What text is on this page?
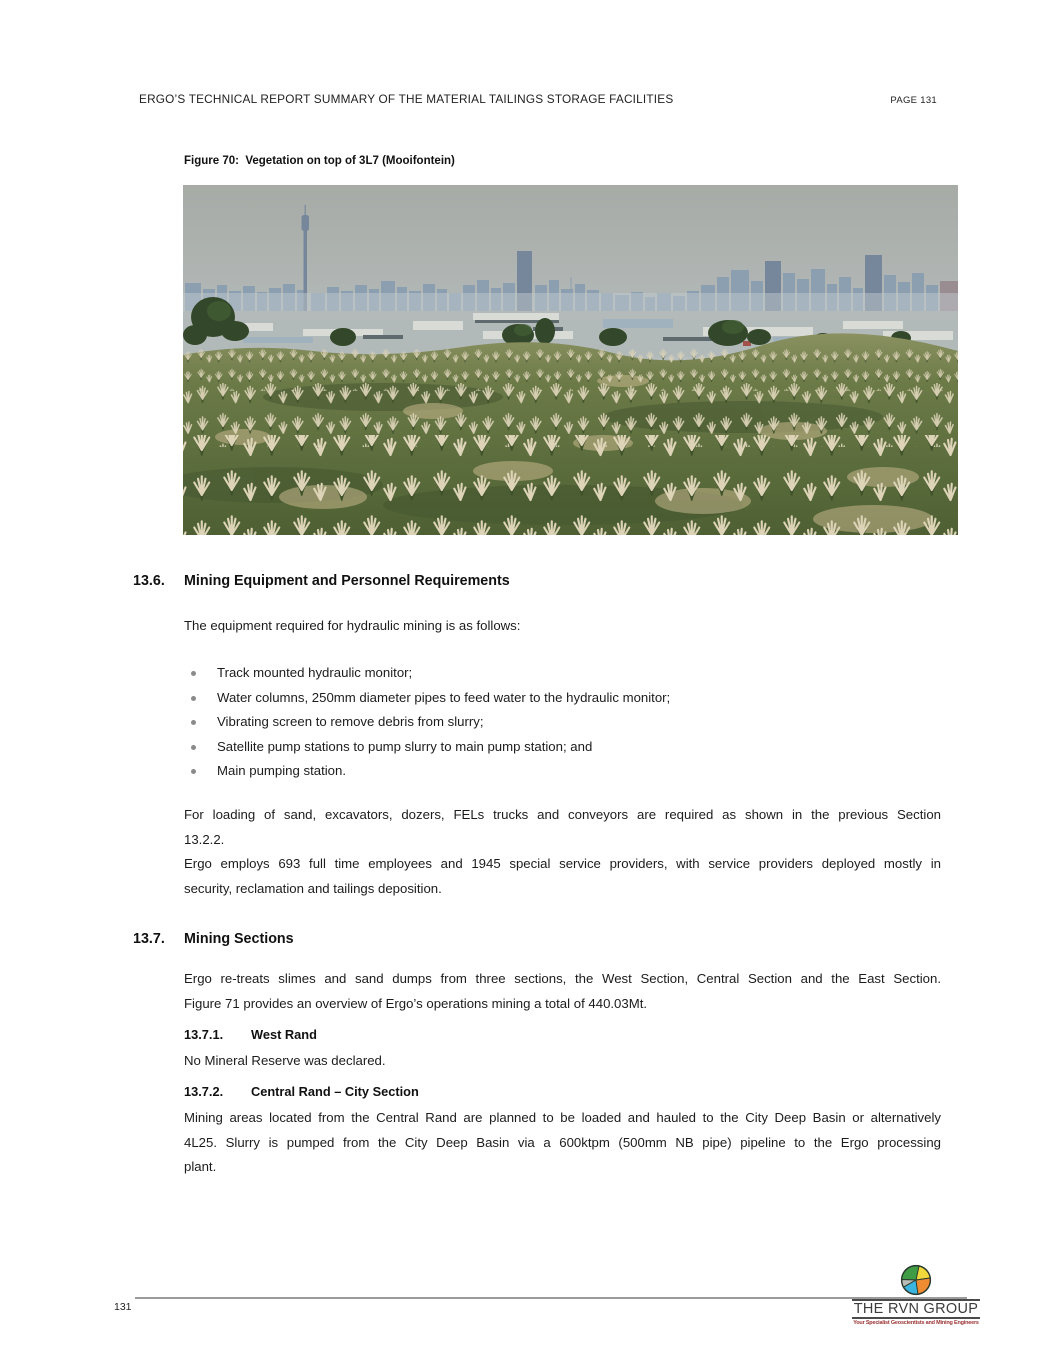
ERGO’S TECHNICAL REPORT SUMMARY OF THE MATERIAL TAILINGS STORAGE FACILITIES	PAGE 131
Figure 70:  Vegetation on top of 3L7 (Mooifontein)
13.6.	Mining Equipment and Personnel Requirements
The equipment required for hydraulic mining is as follows:
Track mounted hydraulic monitor;
Water columns, 250mm diameter pipes to feed water to the hydraulic monitor;
Vibrating screen to remove debris from slurry;
Satellite pump stations to pump slurry to main pump station; and
Main pumping station.
For loading of sand, excavators, dozers, FELs trucks and conveyors are required as shown in the previous Section
13.2.2.
Ergo employs 693 full time employees and 1945 special service providers, with service providers deployed mostly in
security, reclamation and tailings deposition.
13.7.	Mining Sections
Ergo re-treats slimes and sand dumps from three sections, the West Section, Central Section and the East Section.
Figure 71 provides an overview of Ergo’s operations mining a total of 440.03Mt.
13.7.1.	West Rand
No Mineral Reserve was declared.
13.7.2.	Central Rand – City Section
Mining areas located from the Central Rand are planned to be loaded and hauled to the City Deep Basin or alternatively
4L25. Slurry is pumped from the City Deep Basin via a 600ktpm (500mm NB pipe) pipeline to the Ergo processing
plant.
131	THE RVN GROUP
Your Specialist Geoscientists and Mining Engineers
